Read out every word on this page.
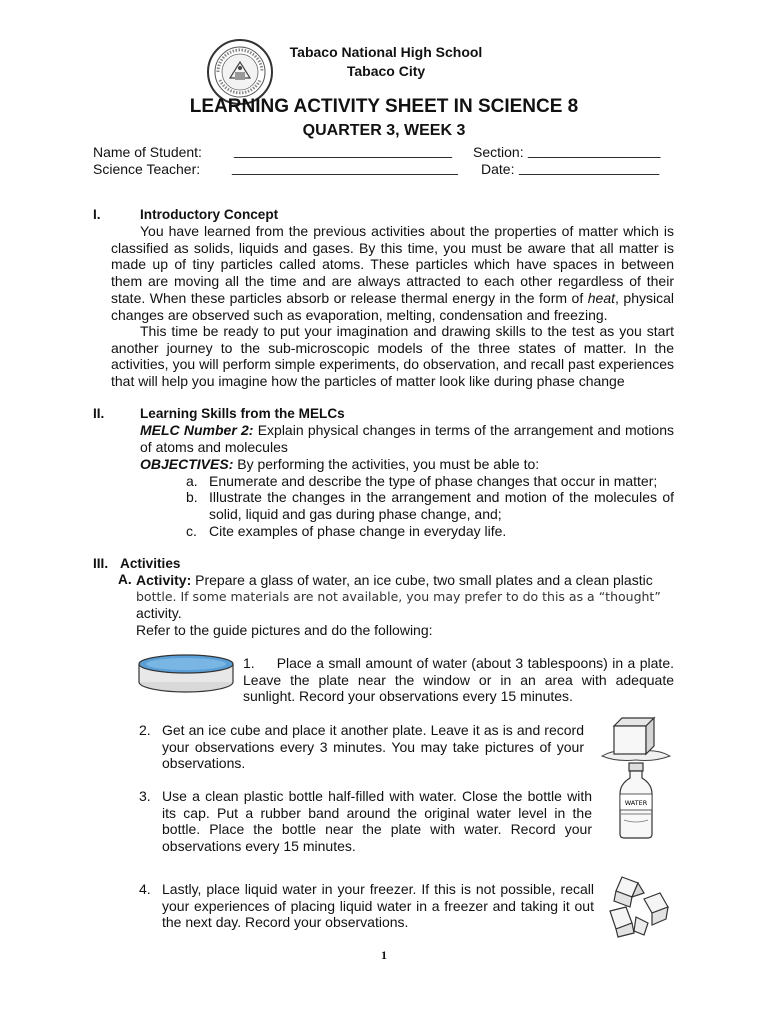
Tabaco National High School
Tabaco City
LEARNING ACTIVITY SHEET IN SCIENCE 8
QUARTER 3, WEEK 3
Name of Student: ____________________________ Section: _________________
Science Teacher: _____________________________ Date: __________________
I.	Introductory Concept
You have learned from the previous activities about the properties of matter which is classified as solids, liquids and gases. By this time, you must be aware that all matter is made up of tiny particles called atoms. These particles which have spaces in between them are moving all the time and are always attracted to each other regardless of their state. When these particles absorb or release thermal energy in the form of heat, physical changes are observed such as evaporation, melting, condensation and freezing.
This time be ready to put your imagination and drawing skills to the test as you start another journey to the sub-microscopic models of the three states of matter. In the activities, you will perform simple experiments, do observation, and recall past experiences that will help you imagine how the particles of matter look like during phase change
II.	Learning Skills from the MELCs
MELC Number 2: Explain physical changes in terms of the arrangement and motions of atoms and molecules
OBJECTIVES: By performing the activities, you must be able to:
a. Enumerate and describe the type of phase changes that occur in matter;
b. Illustrate the changes in the arrangement and motion of the molecules of solid, liquid and gas during phase change, and;
c. Cite examples of phase change in everyday life.
III. Activities
A. Activity: Prepare a glass of water, an ice cube, two small plates and a clean plastic
bottle. If some materials are not available, you may prefer to do this as a “thought”
activity.
Refer to the guide pictures and do the following:
1. Place a small amount of water (about 3 tablespoons) in a plate. Leave the plate near the window or in an area with adequate sunlight. Record your observations every 15 minutes.
2. Get an ice cube and place it another plate. Leave it as is and record your observations every 3 minutes. You may take pictures of your observations.
3. Use a clean plastic bottle half-filled with water. Close the bottle with its cap. Put a rubber band around the original water level in the bottle. Place the bottle near the plate with water. Record your observations every 15 minutes.
WATER
4. Lastly, place liquid water in your freezer. If this is not possible, recall your experiences of placing liquid water in a freezer and taking it out the next day. Record your observations.
1
